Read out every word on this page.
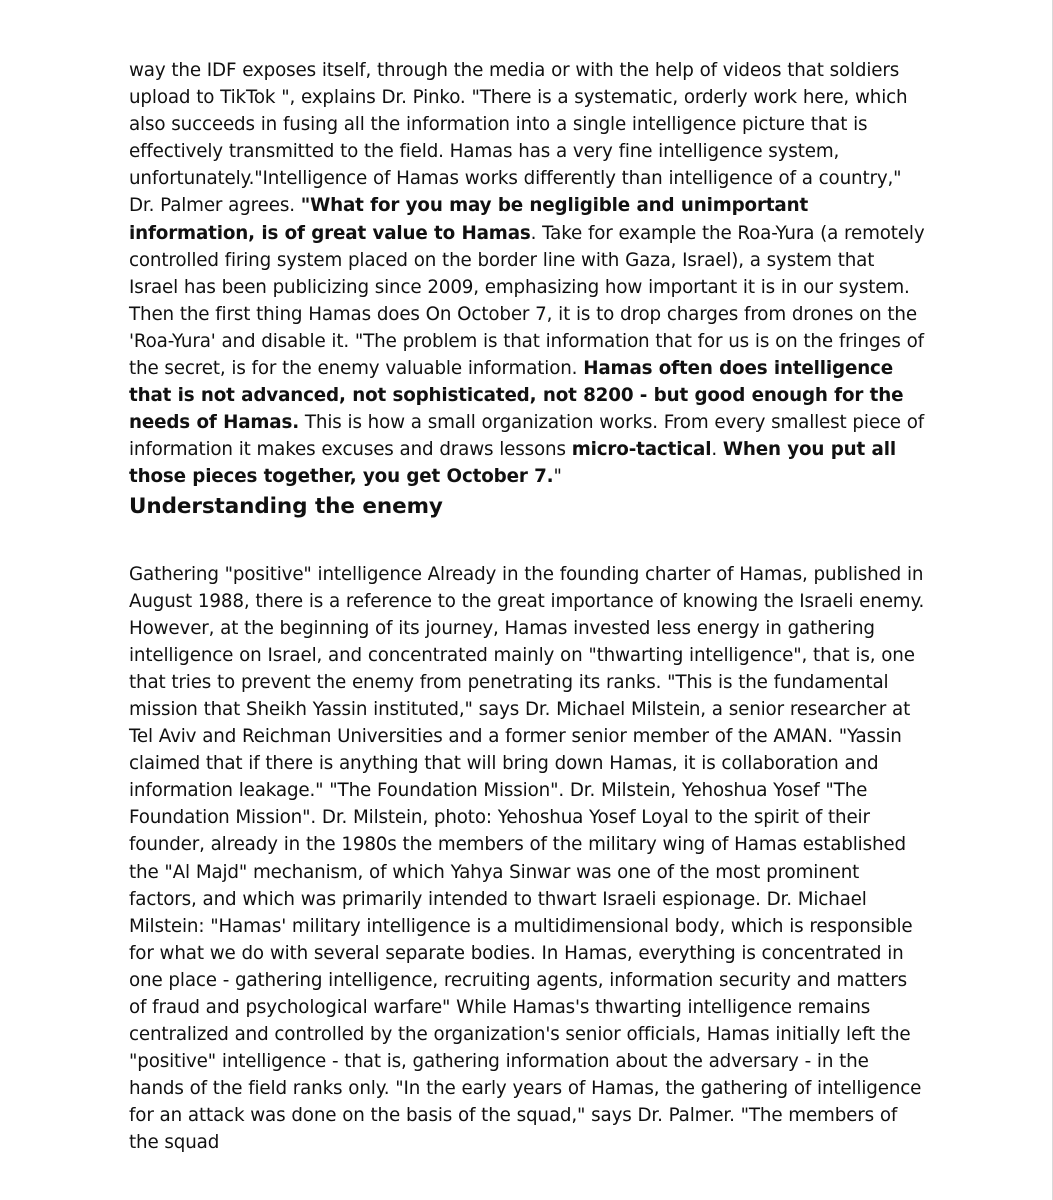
way the IDF exposes itself, through the media or with the help of videos that soldiers upload to TikTok ", explains Dr. Pinko. "There is a systematic, orderly work here, which also succeeds in fusing all the information into a single intelligence picture that is effectively transmitted to the field. Hamas has a very fine intelligence system, unfortunately."Intelligence of Hamas works differently than intelligence of a country," Dr. Palmer agrees. "What for you may be negligible and unimportant information, is of great value to Hamas. Take for example the Roa-Yura (a remotely controlled firing system placed on the border line with Gaza, Israel), a system that Israel has been publicizing since 2009, emphasizing how important it is in our system. Then the first thing Hamas does On October 7, it is to drop charges from drones on the 'Roa-Yura' and disable it. "The problem is that information that for us is on the fringes of the secret, is for the enemy valuable information. Hamas often does intelligence that is not advanced, not sophisticated, not 8200 - but good enough for the needs of Hamas. This is how a small organization works. From every smallest piece of information it makes excuses and draws lessons micro-tactical. When you put all those pieces together, you get October 7."

Understanding the enemy

Gathering "positive" intelligence Already in the founding charter of Hamas, published in August 1988, there is a reference to the great importance of knowing the Israeli enemy. However, at the beginning of its journey, Hamas invested less energy in gathering intelligence on Israel, and concentrated mainly on "thwarting intelligence", that is, one that tries to prevent the enemy from penetrating its ranks. "This is the fundamental mission that Sheikh Yassin instituted," says Dr. Michael Milstein, a senior researcher at Tel Aviv and Reichman Universities and a former senior member of the AMAN. "Yassin claimed that if there is anything that will bring down Hamas, it is collaboration and information leakage." "The Foundation Mission". Dr. Milstein, Yehoshua Yosef "The Foundation Mission". Dr. Milstein, photo: Yehoshua Yosef Loyal to the spirit of their founder, already in the 1980s the members of the military wing of Hamas established the "Al Majd" mechanism, of which Yahya Sinwar was one of the most prominent factors, and which was primarily intended to thwart Israeli espionage. Dr. Michael Milstein: "Hamas' military intelligence is a multidimensional body, which is responsible for what we do with several separate bodies. In Hamas, everything is concentrated in one place - gathering intelligence, recruiting agents, information security and matters of fraud and psychological warfare" While Hamas's thwarting intelligence remains centralized and controlled by the organization's senior officials, Hamas initially left the "positive" intelligence - that is, gathering information about the adversary - in the hands of the field ranks only. "In the early years of Hamas, the gathering of intelligence for an attack was done on the basis of the squad," says Dr. Palmer. "The members of the squad
